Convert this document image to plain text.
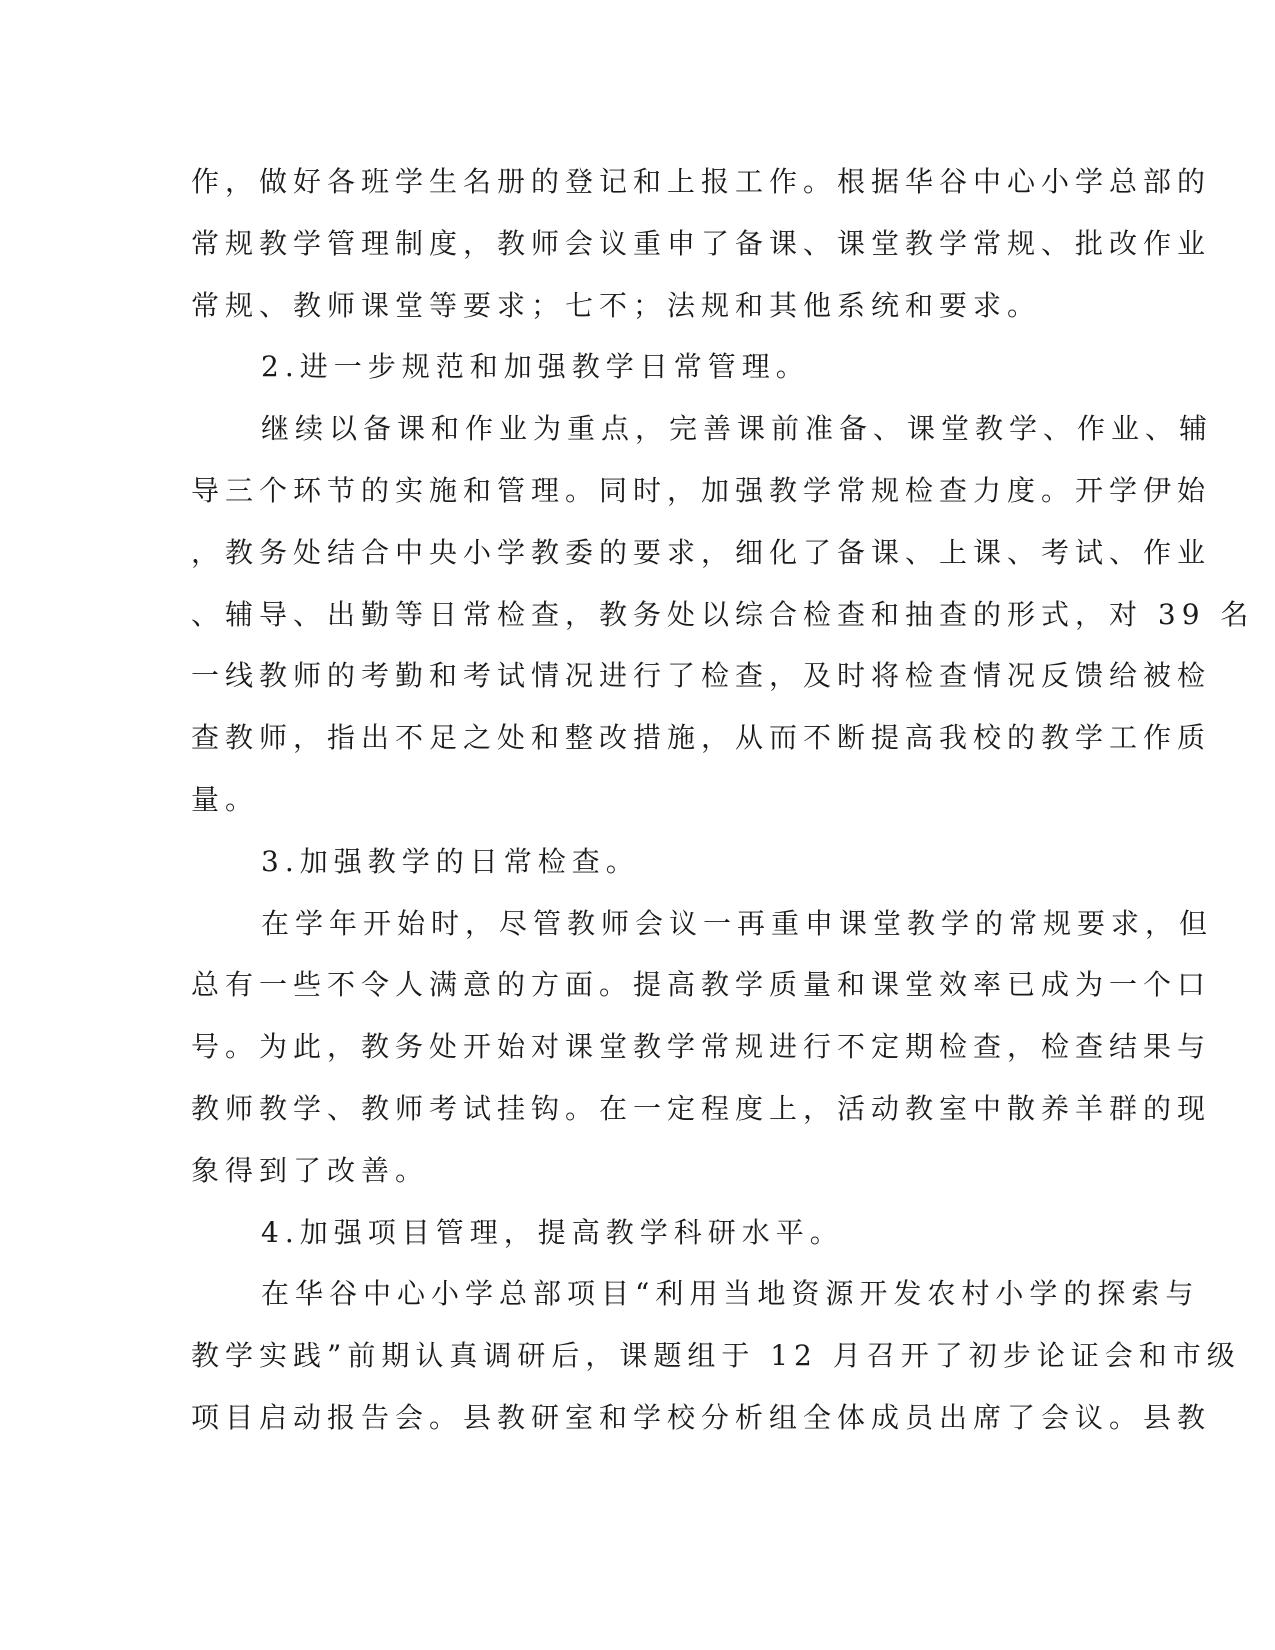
作，做好各班学生名册的登记和上报工作。根据华谷中心小学总部的
常规教学管理制度，教师会议重申了备课、课堂教学常规、批改作业
常规、教师课堂等要求；七不；法规和其他系统和要求。
2.进一步规范和加强教学日常管理。
继续以备课和作业为重点，完善课前准备、课堂教学、作业、辅
导三个环节的实施和管理。同时，加强教学常规检查力度。开学伊始
，教务处结合中央小学教委的要求，细化了备课、上课、考试、作业
、辅导、出勤等日常检查，教务处以综合检查和抽查的形式，对 39 名
一线教师的考勤和考试情况进行了检查，及时将检查情况反馈给被检
查教师，指出不足之处和整改措施，从而不断提高我校的教学工作质
量。
3.加强教学的日常检查。
在学年开始时，尽管教师会议一再重申课堂教学的常规要求，但
总有一些不令人满意的方面。提高教学质量和课堂效率已成为一个口
号。为此，教务处开始对课堂教学常规进行不定期检查，检查结果与
教师教学、教师考试挂钩。在一定程度上，活动教室中散养羊群的现
象得到了改善。
4.加强项目管理，提高教学科研水平。
在华谷中心小学总部项目“利用当地资源开发农村小学的探索与
教学实践”前期认真调研后，课题组于 12 月召开了初步论证会和市级
项目启动报告会。县教研室和学校分析组全体成员出席了会议。县教
